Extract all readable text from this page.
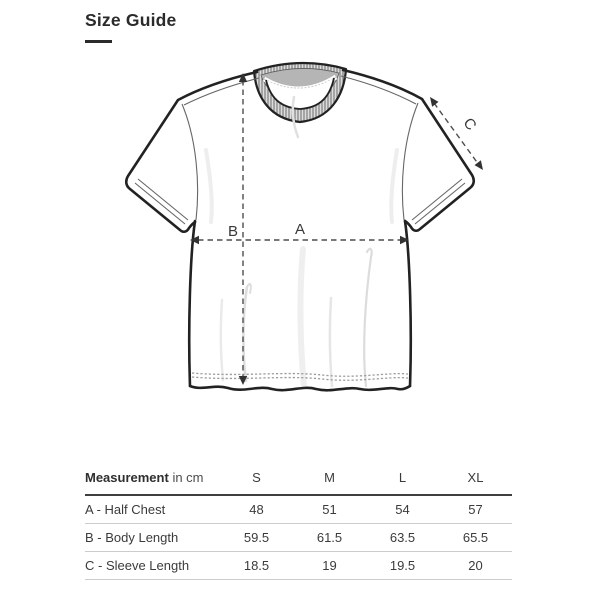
Size Guide
A
B
C
Measurement in cm	S	M	L	XL
A - Half Chest	48	51	54	57
B - Body Length	59.5	61.5	63.5	65.5
C - Sleeve Length	18.5	19	19.5	20
